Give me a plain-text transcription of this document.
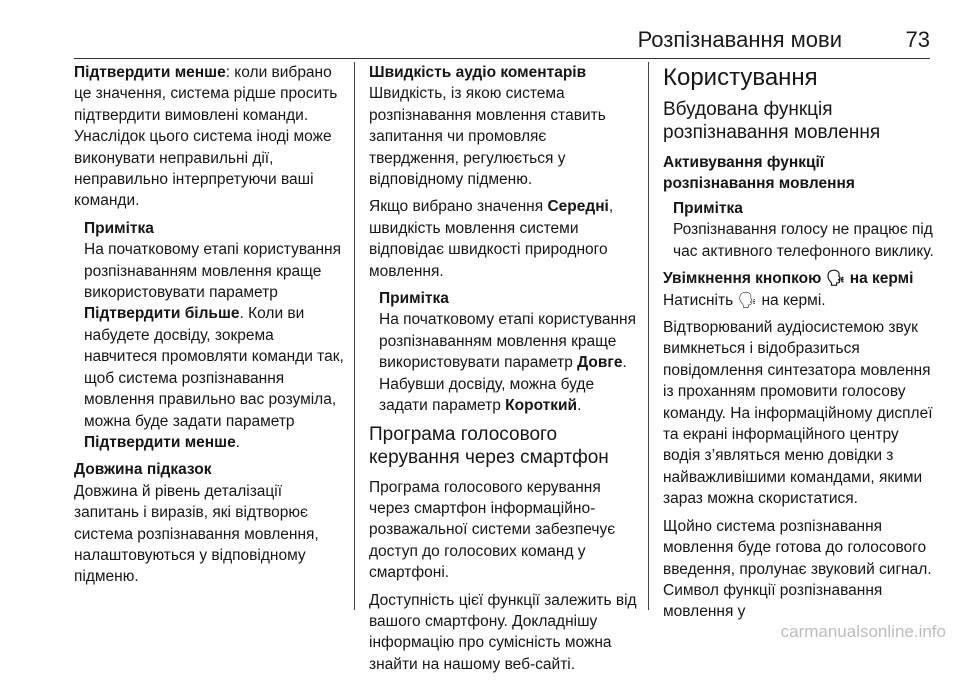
Розпізнавання мови	73
Підтвердити менше: коли вибрано це значення, система рідше просить підтвердити вимовлені команди. Унаслідок цього система іноді може виконувати неправильні дії, неправильно інтерпретуючи ваші команди.
Примітка
На початковому етапі користування розпізнаванням мовлення краще використовувати параметр Підтвердити більше. Коли ви набудете досвіду, зокрема навчитеся промовляти команди так, щоб система розпізнавання мовлення правильно вас розуміла, можна буде задати параметр Підтвердити менше.
Довжина підказок
Довжина й рівень деталізації запитань і виразів, які відтворює система розпізнавання мовлення, налаштовуються у відповідному підменю.
Швидкість аудіо коментарів
Швидкість, із якою система розпізнавання мовлення ставить запитання чи промовляє твердження, регулюється у відповідному підменю.
Якщо вибрано значення Середні, швидкість мовлення системи відповідає швидкості природного мовлення.
Примітка
На початковому етапі користування розпізнаванням мовлення краще використовувати параметр Довге. Набувши досвіду, можна буде задати параметр Короткий.
Програма голосового керування через смартфон
Програма голосового керування через смартфон інформаційно-розважальної системи забезпечує доступ до голосових команд у смартфоні.
Доступність цієї функції залежить від вашого смартфону. Докладнішу інформацію про сумісність можна знайти на нашому веб-сайті.
Користування
Вбудована функція розпізнавання мовлення
Активування функції розпізнавання мовлення
Примітка
Розпізнавання голосу не працює під час активного телефонного виклику.
Увімкнення кнопкою 🗣︎ на кермі
Натисніть 🗣︎ на кермі.
Відтворюваний аудіосистемою звук вимкнеться і відобразиться повідомлення синтезатора мовлення із проханням промовити голосову команду. На інформаційному дисплеї та екрані інформаційного центру водія з’являться меню довідки з найважливішими командами, якими зараз можна скористатися.
Щойно система розпізнавання мовлення буде готова до голосового введення, пролунає звуковий сигнал. Символ функції розпізнавання мовлення у
carmanualsonline.info
